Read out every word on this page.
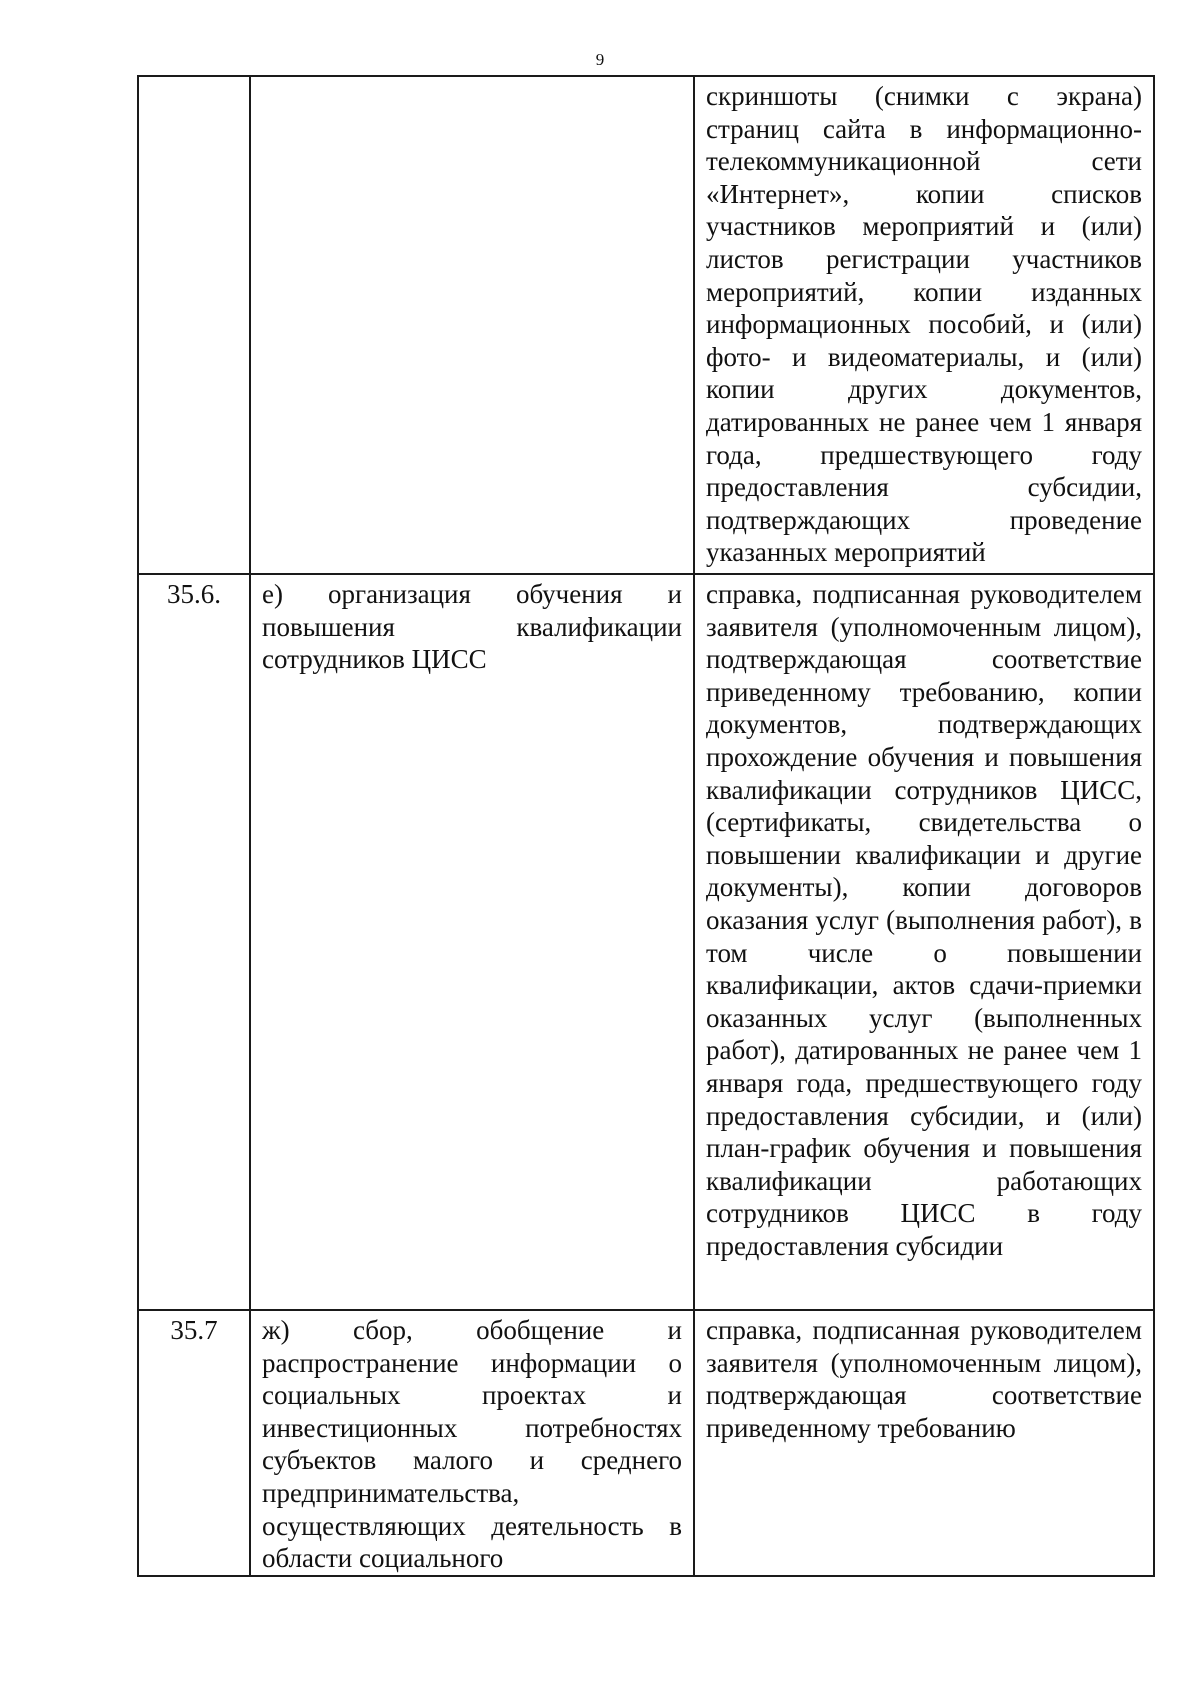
9
		скриншоты (снимки с экрана) страниц сайта в информационно-телекоммуникационной сети «Интернет», копии списков участников мероприятий и (или) листов регистрации участников мероприятий, копии изданных информационных пособий, и (или) фото- и видеоматериалы, и (или) копии других документов, датированных не ранее чем 1 января года, предшествующего году предоставления субсидии, подтверждающих проведение указанных мероприятий
35.6.	е) организация обучения и повышения квалификации сотрудников ЦИСС	справка, подписанная руководителем заявителя (уполномоченным лицом), подтверждающая соответствие приведенному требованию, копии документов, подтверждающих прохождение обучения и повышения квалификации сотрудников ЦИСС, (сертификаты, свидетельства о повышении квалификации и другие документы), копии договоров оказания услуг (выполнения работ), в том числе о повышении квалификации, актов сдачи-приемки оказанных услуг (выполненных работ), датированных не ранее чем 1 января года, предшествующего году предоставления субсидии, и (или) план-график обучения и повышения квалификации работающих сотрудников ЦИСС в году предоставления субсидии
35.7	ж) сбор, обобщение и распространение информации о социальных проектах и инвестиционных потребностях субъектов малого и среднего предпринимательства, осуществляющих деятельность в области социального	справка, подписанная руководителем заявителя (уполномоченным лицом), подтверждающая соответствие приведенному требованию
